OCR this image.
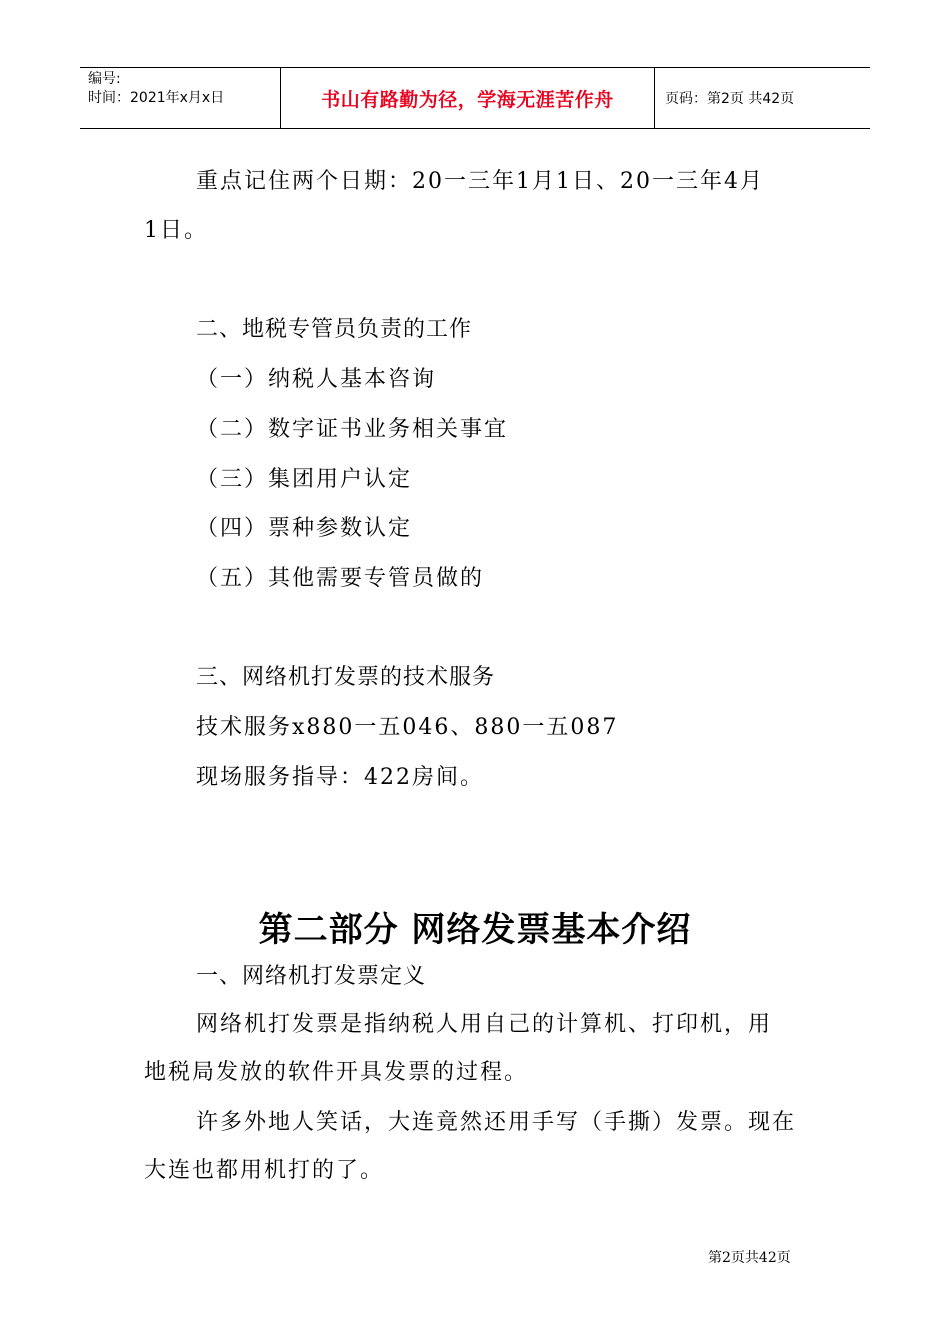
编号:
时间：2021年x月x日	书山有路勤为径，学海无涯苦作舟	页码：第2页 共42页
重点记住两个日期：20一三年1月1日、20一三年4月
1日。
二、地税专管员负责的工作
（一）纳税人基本咨询
（二）数字证书业务相关事宜
（三）集团用户认定
（四）票种参数认定
（五）其他需要专管员做的
三、网络机打发票的技术服务
技术服务x880一五046、880一五087
现场服务指导：422房间。
第二部分 网络发票基本介绍
一、网络机打发票定义
网络机打发票是指纳税人用自己的计算机、打印机，用
地税局发放的软件开具发票的过程。
许多外地人笑话，大连竟然还用手写（手撕）发票。现在
大连也都用机打的了。
第2页共42页
